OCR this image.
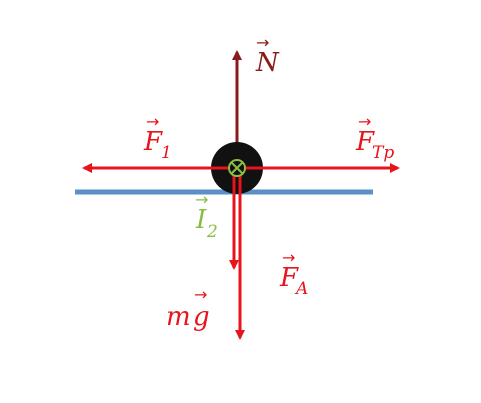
N
→
F
1
→
F
Tp
→
I 2
→
F
A
→
m g
→
